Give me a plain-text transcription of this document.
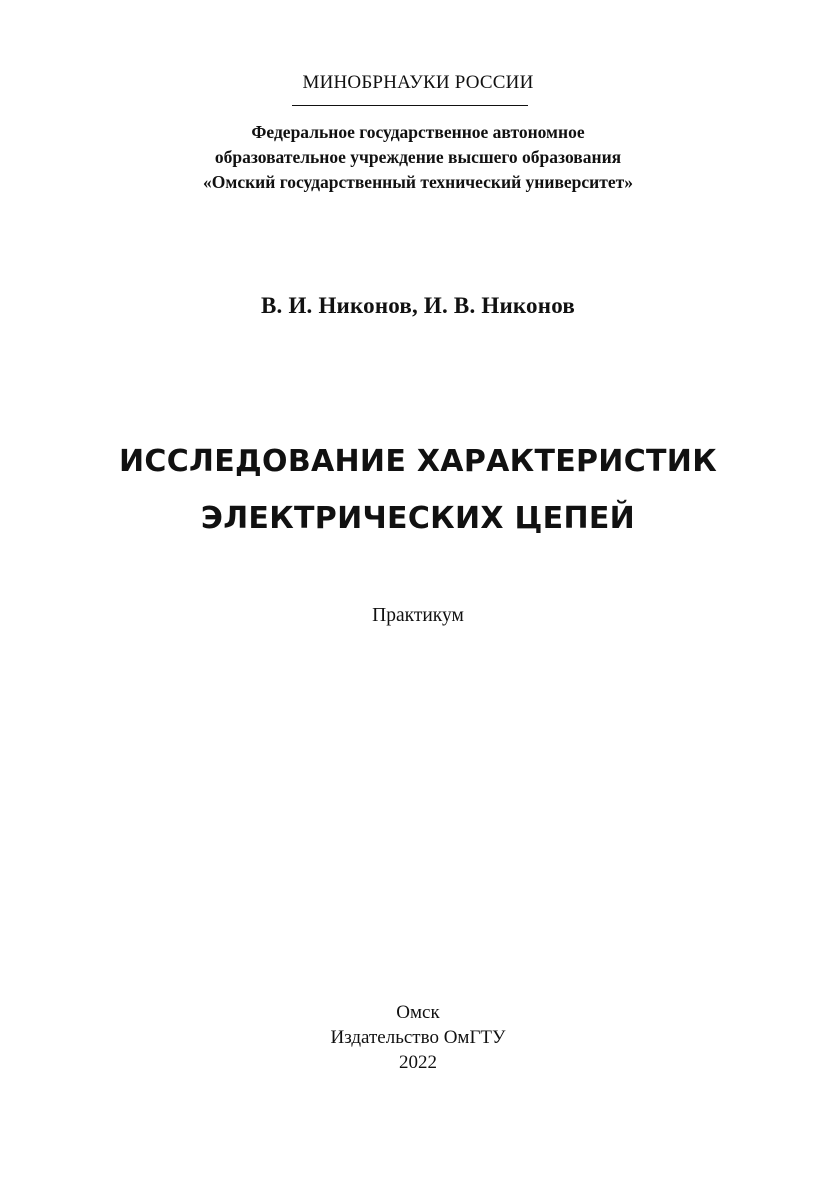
МИНОБРНАУКИ РОССИИ
Федеральное государственное автономное
образовательное учреждение высшего образования
«Омский государственный технический университет»
В. И. Никонов, И. В. Никонов
ИССЛЕДОВАНИЕ ХАРАКТЕРИСТИК
ЭЛЕКТРИЧЕСКИХ ЦЕПЕЙ
Практикум
Омск
Издательство ОмГТУ
2022
